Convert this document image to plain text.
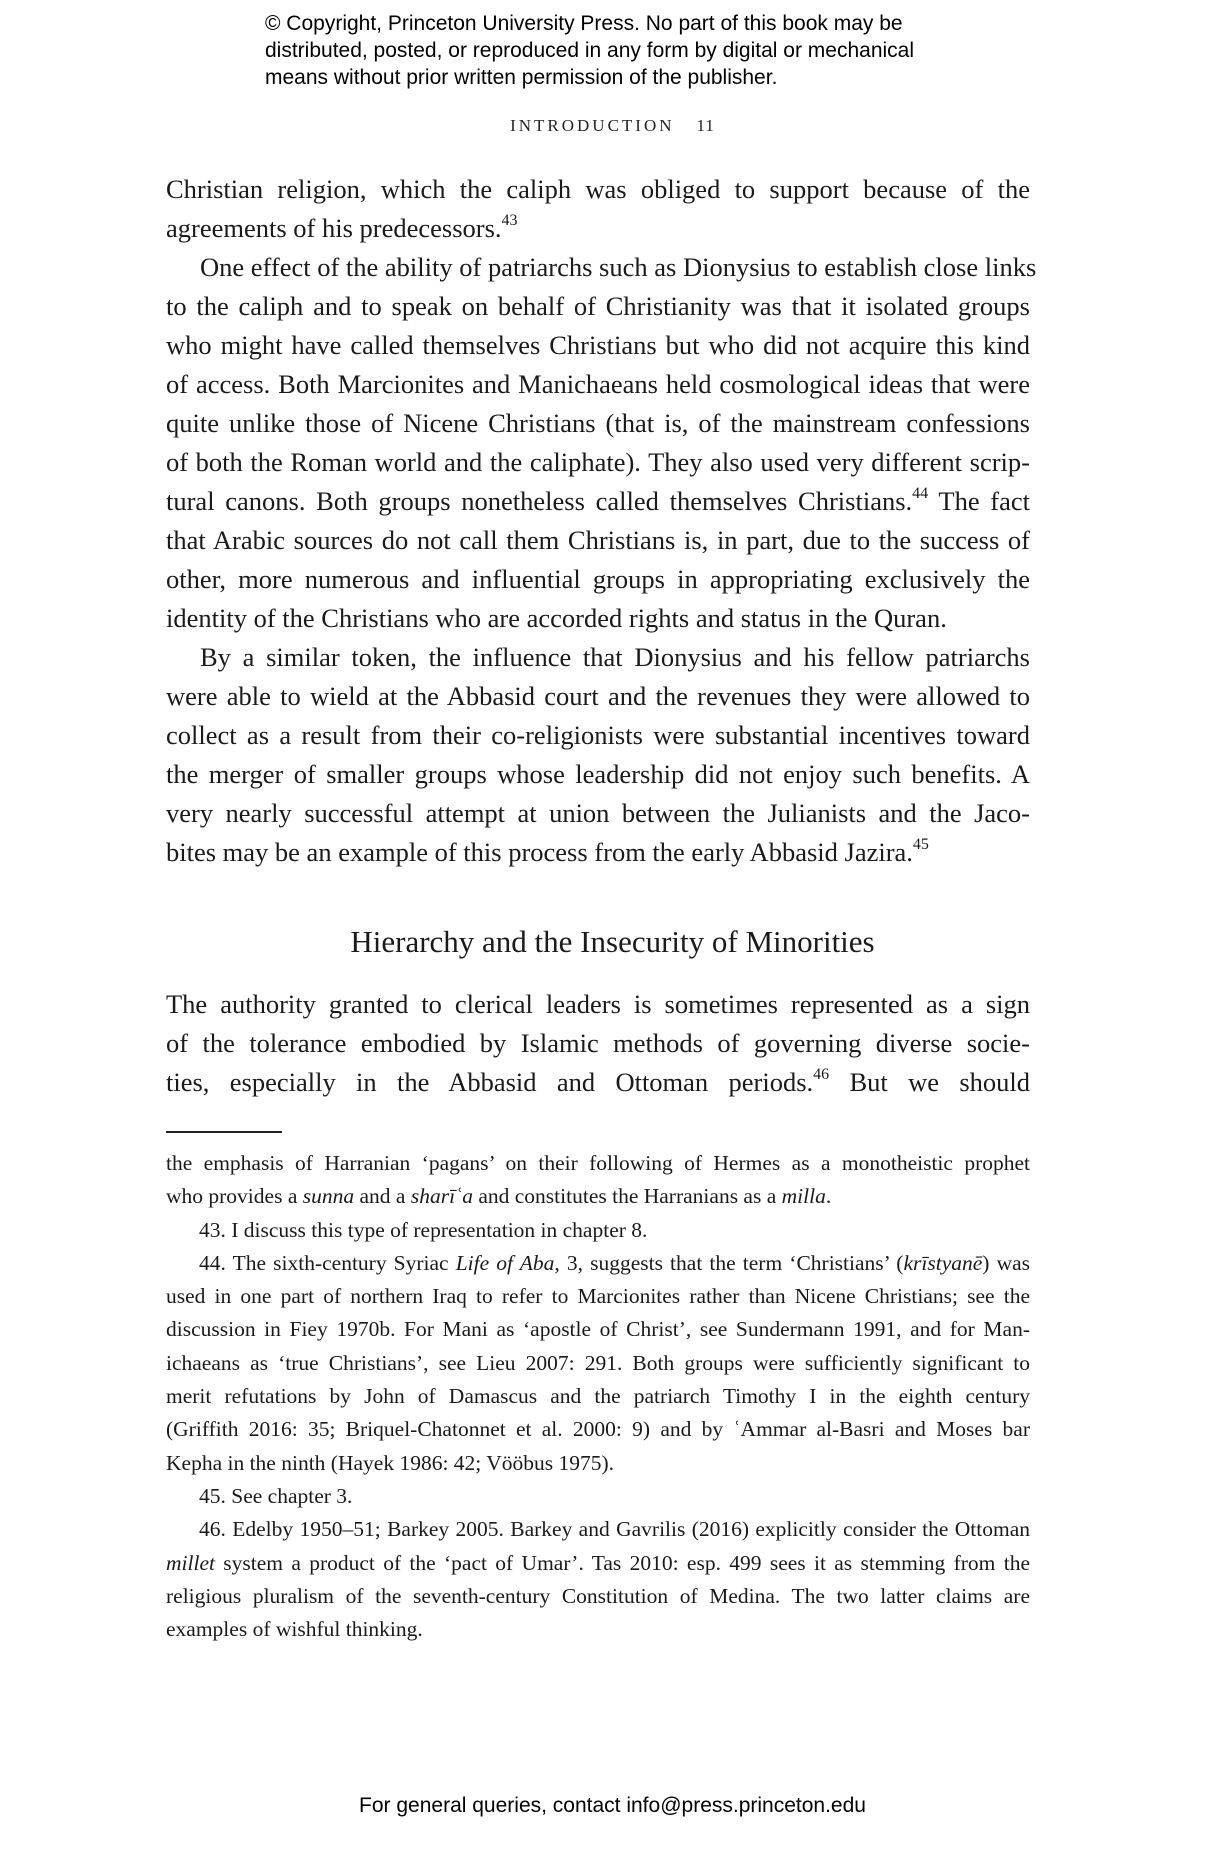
© Copyright, Princeton University Press. No part of this book may be
distributed, posted, or reproduced in any form by digital or mechanical
means without prior written permission of the publisher.
INTRODUCTION 11
Christian religion, which the caliph was obliged to support because of the
agreements of his predecessors.$^{43}$
One effect of the ability of patriarchs such as Dionysius to establish close links
to the caliph and to speak on behalf of Christianity was that it isolated groups
who might have called themselves Christians but who did not acquire this kind
of access. Both Marcionites and Manichaeans held cosmological ideas that were
quite unlike those of Nicene Christians (that is, of the mainstream confessions
of both the Roman world and the caliphate). They also used very different scrip-
tural canons. Both groups nonetheless called themselves Christians.$^{44}$ The fact
that Arabic sources do not call them Christians is, in part, due to the success of
other, more numerous and influential groups in appropriating exclusively the
identity of the Christians who are accorded rights and status in the Quran.
By a similar token, the influence that Dionysius and his fellow patriarchs
were able to wield at the Abbasid court and the revenues they were allowed to
collect as a result from their co-religionists were substantial incentives toward
the merger of smaller groups whose leadership did not enjoy such benefits. A
very nearly successful attempt at union between the Julianists and the Jaco-
bites may be an example of this process from the early Abbasid Jazira.$^{45}$
Hierarchy and the Insecurity of Minorities
The authority granted to clerical leaders is sometimes represented as a sign
of the tolerance embodied by Islamic methods of governing diverse socie-
ties, especially in the Abbasid and Ottoman periods.$^{46}$ But we should
the emphasis of Harranian ‘pagans’ on their following of Hermes as a monotheistic prophet
who provides a sunna and a sharīʿa and constitutes the Harranians as a milla.
43. I discuss this type of representation in chapter 8.
44. The sixth-century Syriac Life of Aba, 3, suggests that the term ‘Christians’ (krīstyanē) was
used in one part of northern Iraq to refer to Marcionites rather than Nicene Christians; see the
discussion in Fiey 1970b. For Mani as ‘apostle of Christ’, see Sundermann 1991, and for Man-
ichaeans as ‘true Christians’, see Lieu 2007: 291. Both groups were sufficiently significant to
merit refutations by John of Damascus and the patriarch Timothy I in the eighth century
(Griffith 2016: 35; Briquel-Chatonnet et al. 2000: 9) and by ʿAmmar al-Basri and Moses bar
Kepha in the ninth (Hayek 1986: 42; Vööbus 1975).
45. See chapter 3.
46. Edelby 1950–51; Barkey 2005. Barkey and Gavrilis (2016) explicitly consider the Ottoman
millet system a product of the ‘pact of Umar’. Tas 2010: esp. 499 sees it as stemming from the
religious pluralism of the seventh-century Constitution of Medina. The two latter claims are
examples of wishful thinking.
For general queries, contact info@press.princeton.edu
